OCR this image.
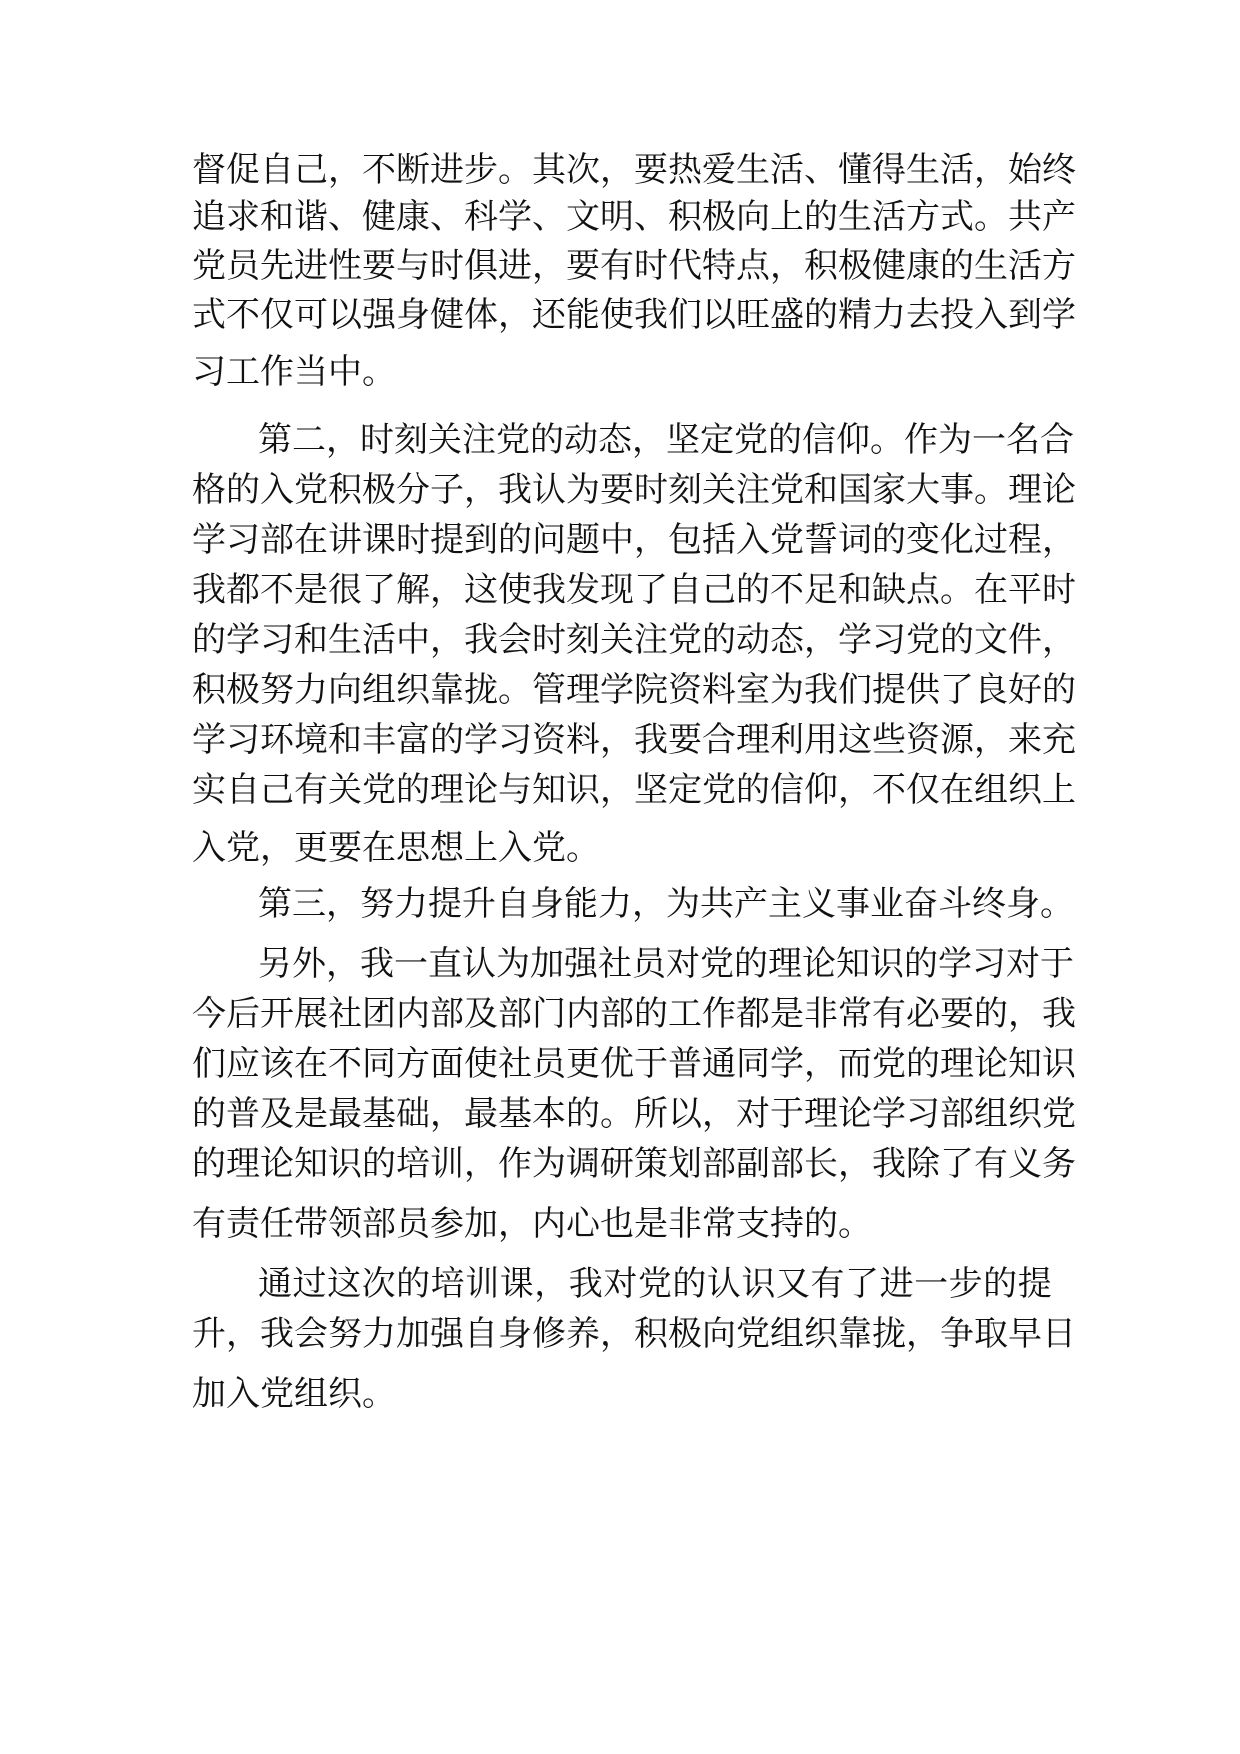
督 促 自 己 ， 不 断 进 步 。 其 次 ， 要 热 爱 生 活 、 懂 得 生 活 ， 始 终
追 求 和 谐 、 健 康 、 科 学 、 文 明 、 积 极 向 上 的 生 活 方 式 。 共 产
党 员 先 进 性 要 与 时 俱 进 ， 要 有 时 代 特 点 ， 积 极 健 康 的 生 活 方
式 不 仅 可 以 强 身 健 体 ， 还 能 使 我 们 以 旺 盛 的 精 力 去 投 入 到 学
习工作当中。
第 二 ， 时 刻 关 注 党 的 动 态 ， 坚 定 党 的 信 仰 。 作 为 一 名 合
格 的 入 党 积 极 分 子 ， 我 认 为 要 时 刻 关 注 党 和 国 家 大 事 。 理 论
学 习 部 在 讲 课 时 提 到 的 问 题 中 ， 包 括 入 党 誓 词 的 变 化 过 程 ，
我 都 不 是 很 了 解 ， 这 使 我 发 现 了 自 己 的 不 足 和 缺 点 。 在 平 时
的 学 习 和 生 活 中 ， 我 会 时 刻 关 注 党 的 动 态 ， 学 习 党 的 文 件 ，
积 极 努 力 向 组 织 靠 拢 。 管 理 学 院 资 料 室 为 我 们 提 供 了 良 好 的
学 习 环 境 和 丰 富 的 学 习 资 料 ， 我 要 合 理 利 用 这 些 资 源 ， 来 充
实 自 己 有 关 党 的 理 论 与 知 识 ， 坚 定 党 的 信 仰 ， 不 仅 在 组 织 上
入党，更要在思想上入党。
第 三 ， 努 力 提 升 自 身 能 力 ， 为 共 产 主 义 事 业 奋 斗 终 身 。
另 外 ， 我 一 直 认 为 加 强 社 员 对 党 的 理 论 知 识 的 学 习 对 于
今 后 开 展 社 团 内 部 及 部 门 内 部 的 工 作 都 是 非 常 有 必 要 的 ， 我
们 应 该 在 不 同 方 面 使 社 员 更 优 于 普 通 同 学 ， 而 党 的 理 论 知 识
的 普 及 是 最 基 础 ， 最 基 本 的 。 所 以 ， 对 于 理 论 学 习 部 组 织 党
的 理 论 知 识 的 培 训 ， 作 为 调 研 策 划 部 副 部 长 ， 我 除 了 有 义 务
有责任带领部员参加，内心也是非常支持的。
通 过 这 次 的 培 训 课 ， 我 对 党 的 认 识 又 有 了 进 一 步 的 提
升 ， 我 会 努 力 加 强 自 身 修 养 ， 积 极 向 党 组 织 靠 拢 ， 争 取 早 日
加入党组织。
